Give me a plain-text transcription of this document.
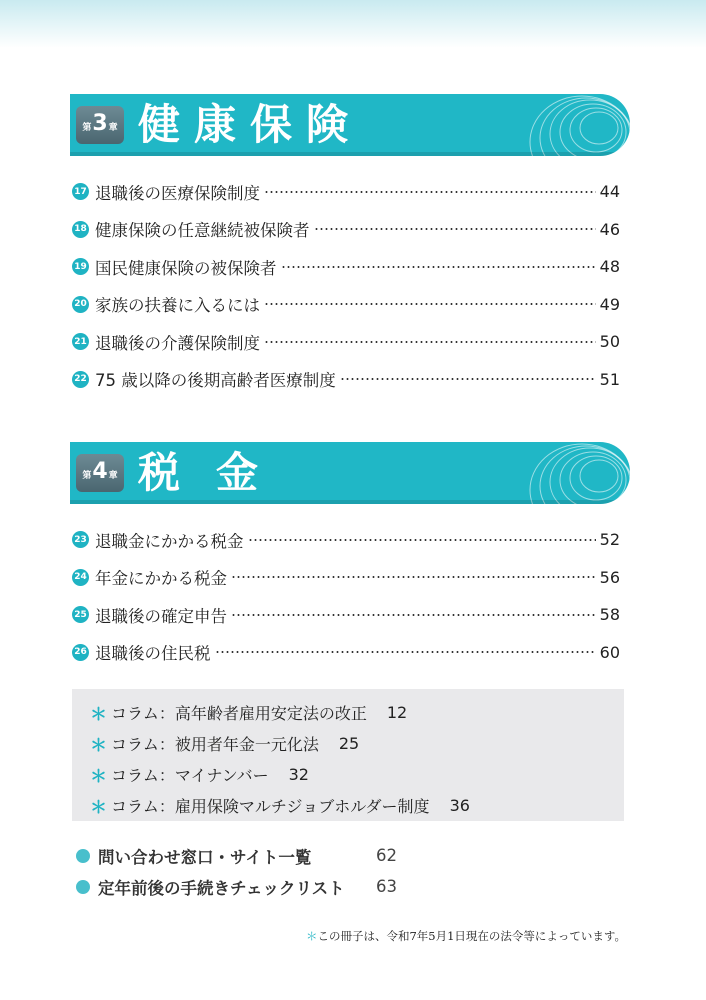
第 3 章 健康保険
17 退職後の医療保険制度	44
18 健康保険の任意継続被保険者	46
19 国民健康保険の被保険者	48
20 家族の扶養に入るには	49
21 退職後の介護保険制度	50
22 75 歳以降の後期高齢者医療制度	51
第 4 章 税金
23 退職金にかかる税金	52
24 年金にかかる税金	56
25 退職後の確定申告	58
26 退職後の住民税	60
＊ コラム：高年齢者雇用安定法の改正 12
＊ コラム：被用者年金一元化法 25
＊ コラム：マイナンバー 32
＊ コラム：雇用保険マルチジョブホルダー制度 36
問い合わせ窓口・サイト一覧	62
定年前後の手続きチェックリスト	63
＊この冊子は、令和7年5月1日現在の法令等によっています。
